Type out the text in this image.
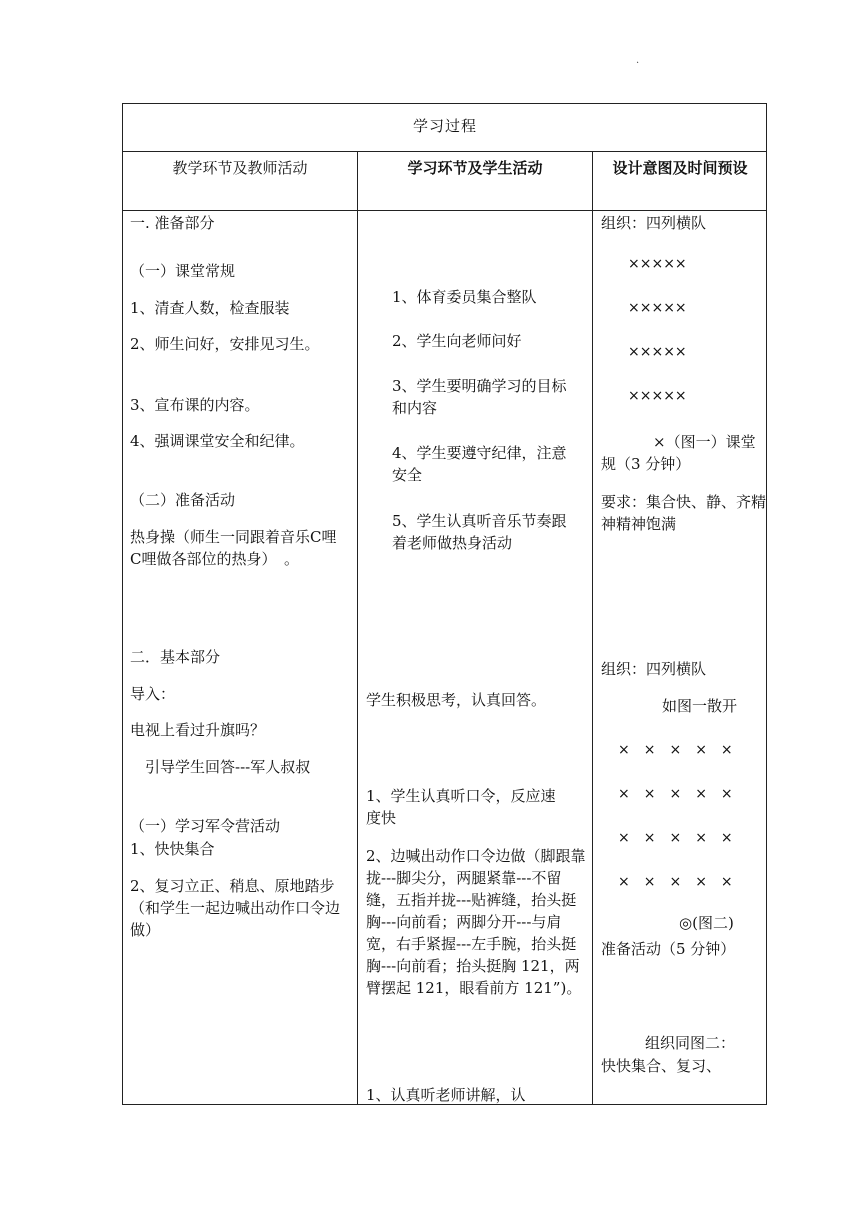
·
学习过程
教学环节及教师活动	学习环节及学生活动	设计意图及时间预设
一. 准备部分
（一）课堂常规
1、清查人数，检查服装
2、师生问好，安排见习生。
3、宣布课的内容。
4、强调课堂安全和纪律。
（二）准备活动
热身操（师生一同跟着音乐C哩C哩做各部位的热身）　。
二．基本部分
导入：
电视上看过升旗吗？
　引导学生回答---军人叔叔
（一）学习军令营活动
1、快快集合
2、复习立正、稍息、原地踏步（和学生一起边喊出动作口令边做）
1、体育委员集合整队
2、学生向老师问好
3、学生要明确学习的目标和内容
4、学生要遵守纪律，注意安全
5、学生认真听音乐节奏跟着老师做热身活动
学生积极思考，认真回答。
1、学生认真听口令，反应速度快
2、边喊出动作口令边做（脚跟靠拢---脚尖分，两腿紧靠---不留缝，五指并拢---贴裤缝，抬头挺胸---向前看；两脚分开---与肩宽，右手紧握---左手腕，抬头挺胸---向前看；抬头挺胸 121，两臂摆起 121，眼看前方 121”)。
1、认真听老师讲解，认
组织：四列横队
×××××
×××××
×××××
×××××
×（图一）课堂规（3 分钟）
要求：集合快、静、齐精神精神饱满
组织：四列横队
如图一散开
×　×　×　×　×
×　×　×　×　×
×　×　×　×　×
×　×　×　×　×
◎(图二)
准备活动（5 分钟）
组织同图二：
快快集合、复习、
